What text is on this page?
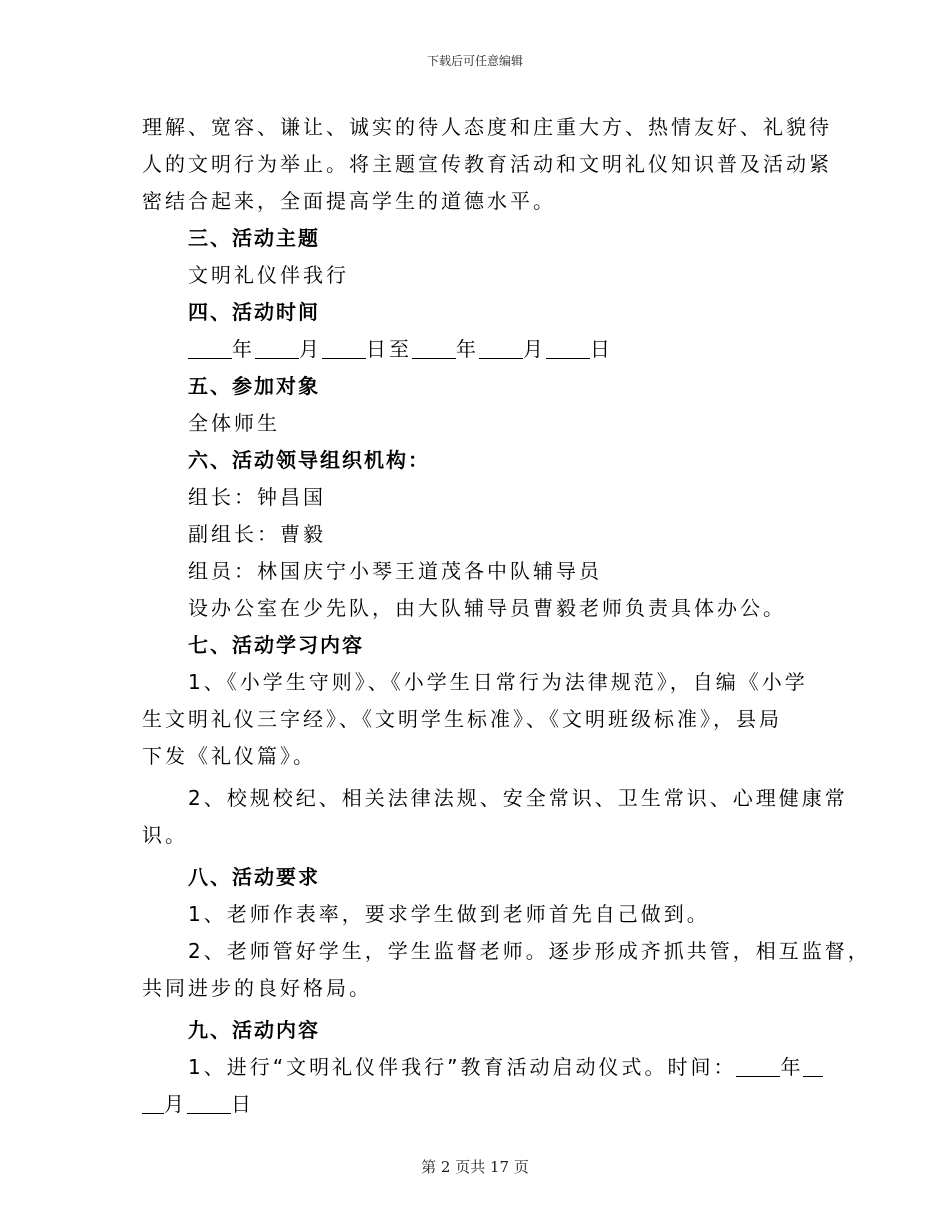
下载后可任意编辑
理解、宽容、谦让、诚实的待人态度和庄重大方、热情友好、礼貌待
人的文明行为举止。将主题宣传教育活动和文明礼仪知识普及活动紧
密结合起来，全面提高学生的道德水平。
三、活动主题
文明礼仪伴我行
四、活动时间
年 月 日至 年 月 日
五、参加对象
全体师生
六、活动领导组织机构：
组长：钟昌国
副组长：曹毅
组员：林国庆宁小琴王道茂各中队辅导员
设办公室在少先队，由大队辅导员曹毅老师负责具体办公。
七、活动学习内容
1、《小学生守则》、《小学生日常行为法律规范》，自编《小学
生文明礼仪三字经》、《文明学生标准》、《文明班级标准》，县局
下发《礼仪篇》。
2、校规校纪、相关法律法规、安全常识、卫生常识、心理健康常
识。
八、活动要求
1、老师作表率，要求学生做到老师首先自己做到。
2、老师管好学生，学生监督老师。逐步形成齐抓共管，相互监督，
共同进步的良好格局。
九、活动内容
1、进行“文明礼仪伴我行”教育活动启动仪式。时间： 年
月 日
第 2 页共 17 页
